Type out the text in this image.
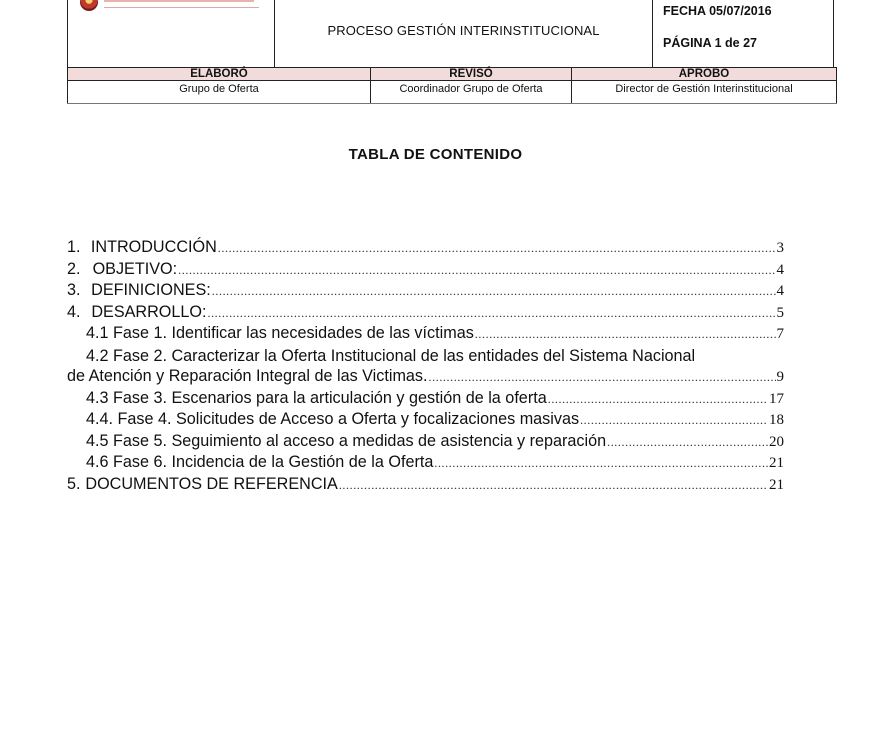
PROCESO GESTIÓN INTERINSTITUCIONAL
FECHA 05/07/2016
PÁGINA 1 de 27
ELABORÓ	REVISÓ	APROBO
Grupo de Oferta	Coordinador Grupo de Oferta	Director de Gestión Interinstitucional
TABLA DE CONTENIDO
1. INTRODUCCIÓN .....	3
2. OBJETIVO: .....	4
3. DEFINICIONES: .....	4
4. DESARROLLO: .....	5
4.1 Fase 1. Identificar las necesidades de las víctimas .....	7
4.2 Fase 2. Caracterizar la Oferta Institucional de las entidades del Sistema Nacional
de Atención y Reparación Integral de las Victimas. .....	9
4.3 Fase 3. Escenarios para la articulación y gestión de la oferta .....	17
4.4. Fase 4. Solicitudes de Acceso a Oferta y focalizaciones masivas .....	18
4.5 Fase 5. Seguimiento al acceso a medidas de asistencia y reparación .....	20
4.6 Fase 6. Incidencia de la Gestión de la Oferta .....	21
5. DOCUMENTOS DE REFERENCIA .....	21
